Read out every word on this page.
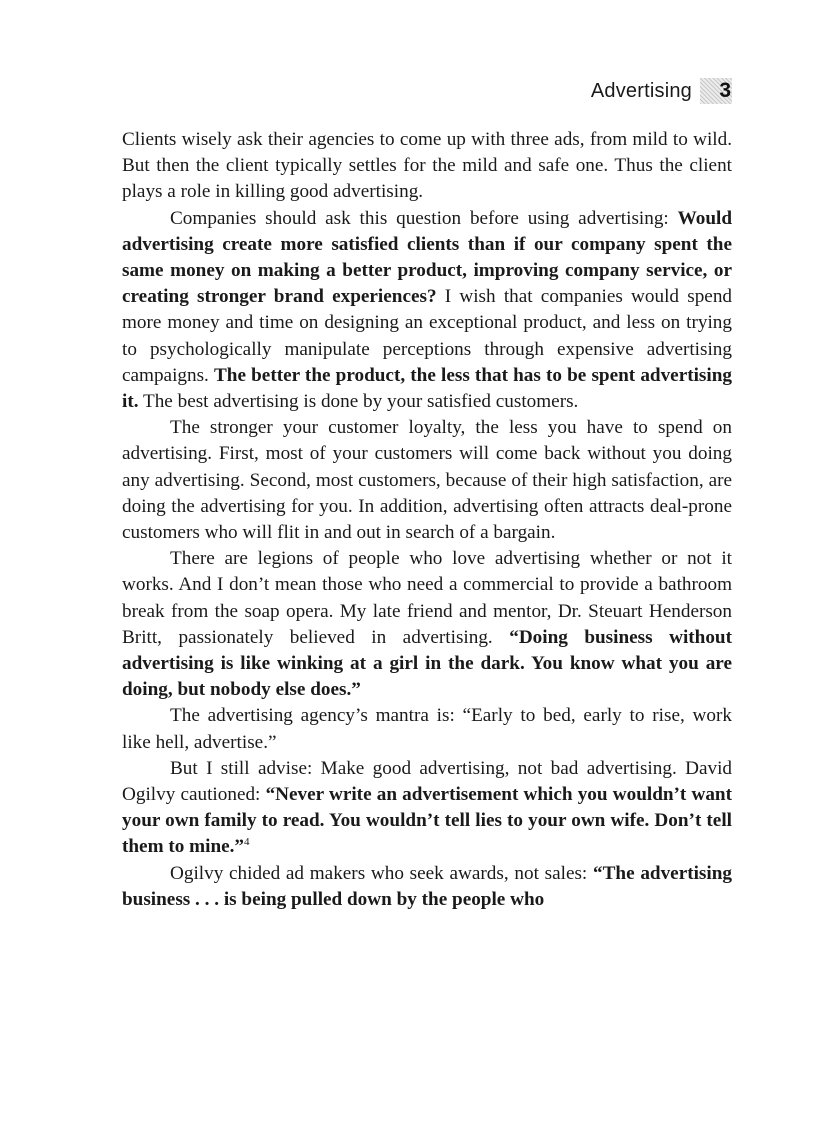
Advertising 3

Clients wisely ask their agencies to come up with three ads, from mild to wild. But then the client typically settles for the mild and safe one. Thus the client plays a role in killing good advertising.

Companies should ask this question before using advertising: Would advertising create more satisfied clients than if our company spent the same money on making a better product, improving company service, or creating stronger brand experiences? I wish that companies would spend more money and time on designing an exceptional product, and less on trying to psychologically manipulate perceptions through expensive advertising campaigns. The better the product, the less that has to be spent advertising it. The best advertising is done by your satisfied customers.

The stronger your customer loyalty, the less you have to spend on advertising. First, most of your customers will come back without you doing any advertising. Second, most customers, because of their high satisfaction, are doing the advertising for you. In addition, advertising often attracts deal-prone customers who will flit in and out in search of a bargain.

There are legions of people who love advertising whether or not it works. And I don’t mean those who need a commercial to provide a bathroom break from the soap opera. My late friend and mentor, Dr. Steuart Henderson Britt, passionately believed in advertising. “Doing business without advertising is like winking at a girl in the dark. You know what you are doing, but nobody else does.”

The advertising agency’s mantra is: “Early to bed, early to rise, work like hell, advertise.”

But I still advise: Make good advertising, not bad advertising. David Ogilvy cautioned: “Never write an advertisement which you wouldn’t want your own family to read. You wouldn’t tell lies to your own wife. Don’t tell them to mine.”$^4$

Ogilvy chided ad makers who seek awards, not sales: “The advertising business . . . is being pulled down by the people who
